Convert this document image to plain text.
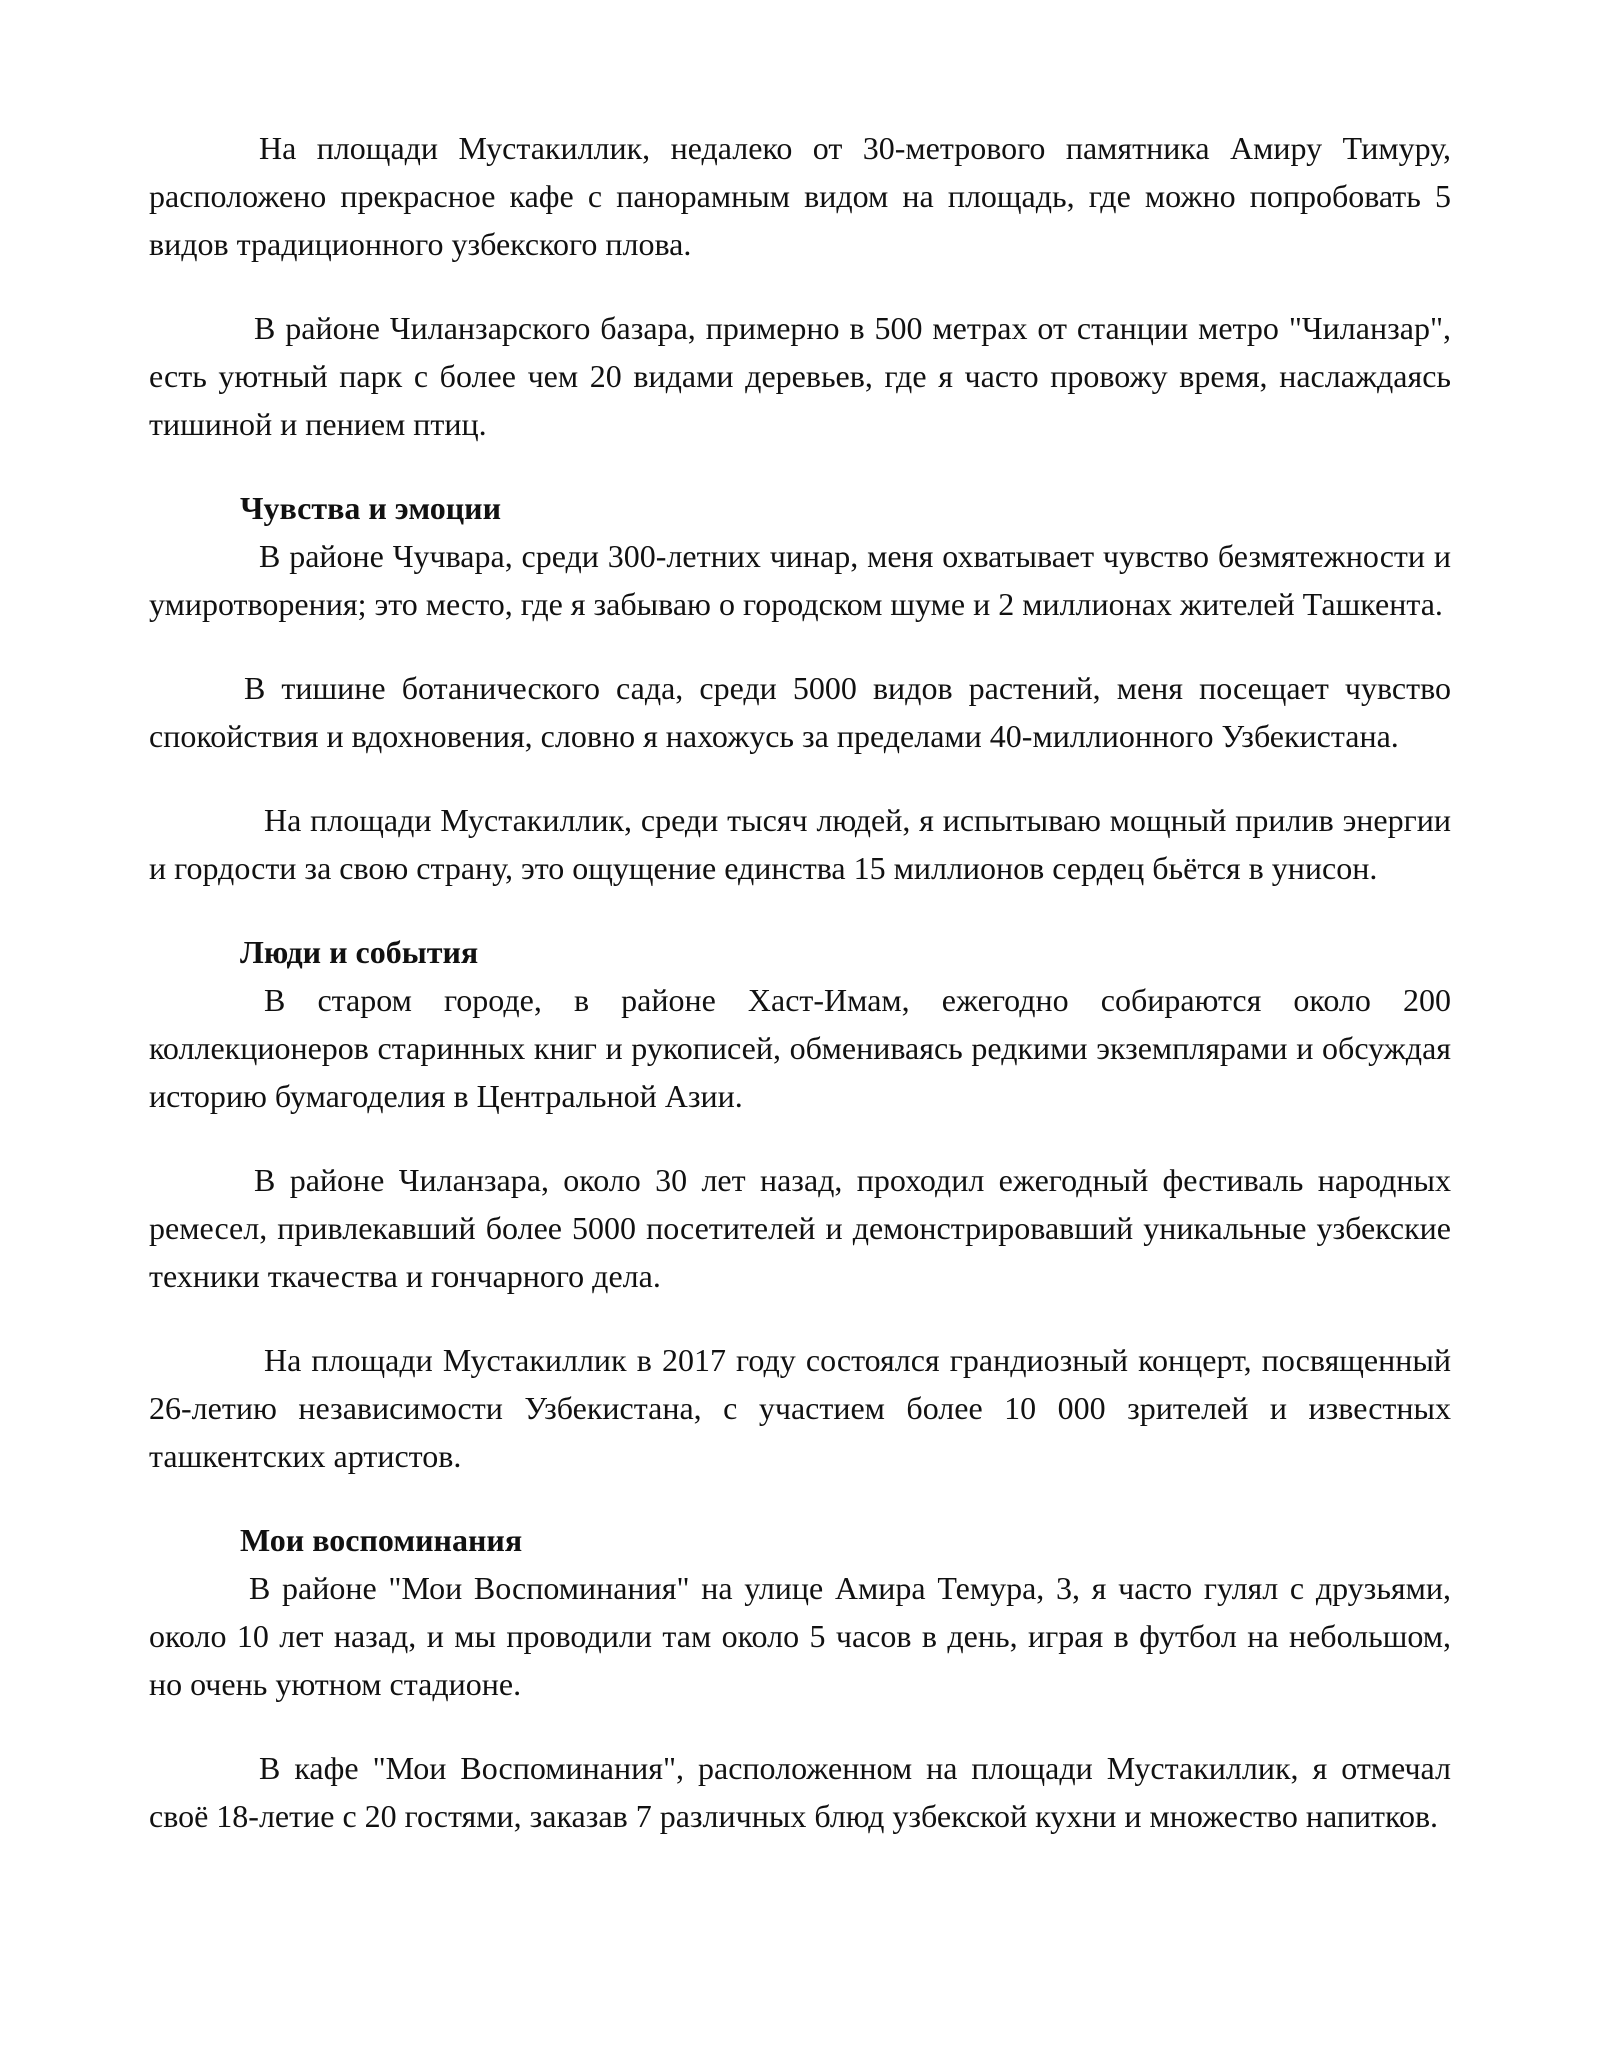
На площади Мустакиллик, недалеко от 30-метрового памятника Амиру Тимуру, расположено прекрасное кафе с панорамным видом на площадь, где можно попробовать 5 видов традиционного узбекского плова.

В районе Чиланзарского базара, примерно в 500 метрах от станции метро "Чиланзар", есть уютный парк с более чем 20 видами деревьев, где я часто провожу время, наслаждаясь тишиной и пением птиц.

Чувства и эмоции

В районе Чучвара, среди 300-летних чинар, меня охватывает чувство безмятежности и умиротворения; это место, где я забываю о городском шуме и 2 миллионах жителей Ташкента.

В тишине ботанического сада, среди 5000 видов растений, меня посещает чувство спокойствия и вдохновения, словно я нахожусь за пределами 40-миллионного Узбекистана.

На площади Мустакиллик, среди тысяч людей, я испытываю мощный прилив энергии и гордости за свою страну, это ощущение единства 15 миллионов сердец бьётся в унисон.

Люди и события

В старом городе, в районе Хаст-Имам, ежегодно собираются около 200 коллекционеров старинных книг и рукописей, обмениваясь редкими экземплярами и обсуждая историю бумагоделия в Центральной Азии.

В районе Чиланзара, около 30 лет назад, проходил ежегодный фестиваль народных ремесел, привлекавший более 5000 посетителей и демонстрировавший уникальные узбекские техники ткачества и гончарного дела.

На площади Мустакиллик в 2017 году состоялся грандиозный концерт, посвященный 26-летию независимости Узбекистана, с участием более 10 000 зрителей и известных ташкентских артистов.

Мои воспоминания

В районе "Мои Воспоминания" на улице Амира Темура, 3, я часто гулял с друзьями, около 10 лет назад, и мы проводили там около 5 часов в день, играя в футбол на небольшом, но очень уютном стадионе.

В кафе "Мои Воспоминания", расположенном на площади Мустакиллик, я отмечал своё 18-летие с 20 гостями, заказав 7 различных блюд узбекской кухни и множество напитков.
